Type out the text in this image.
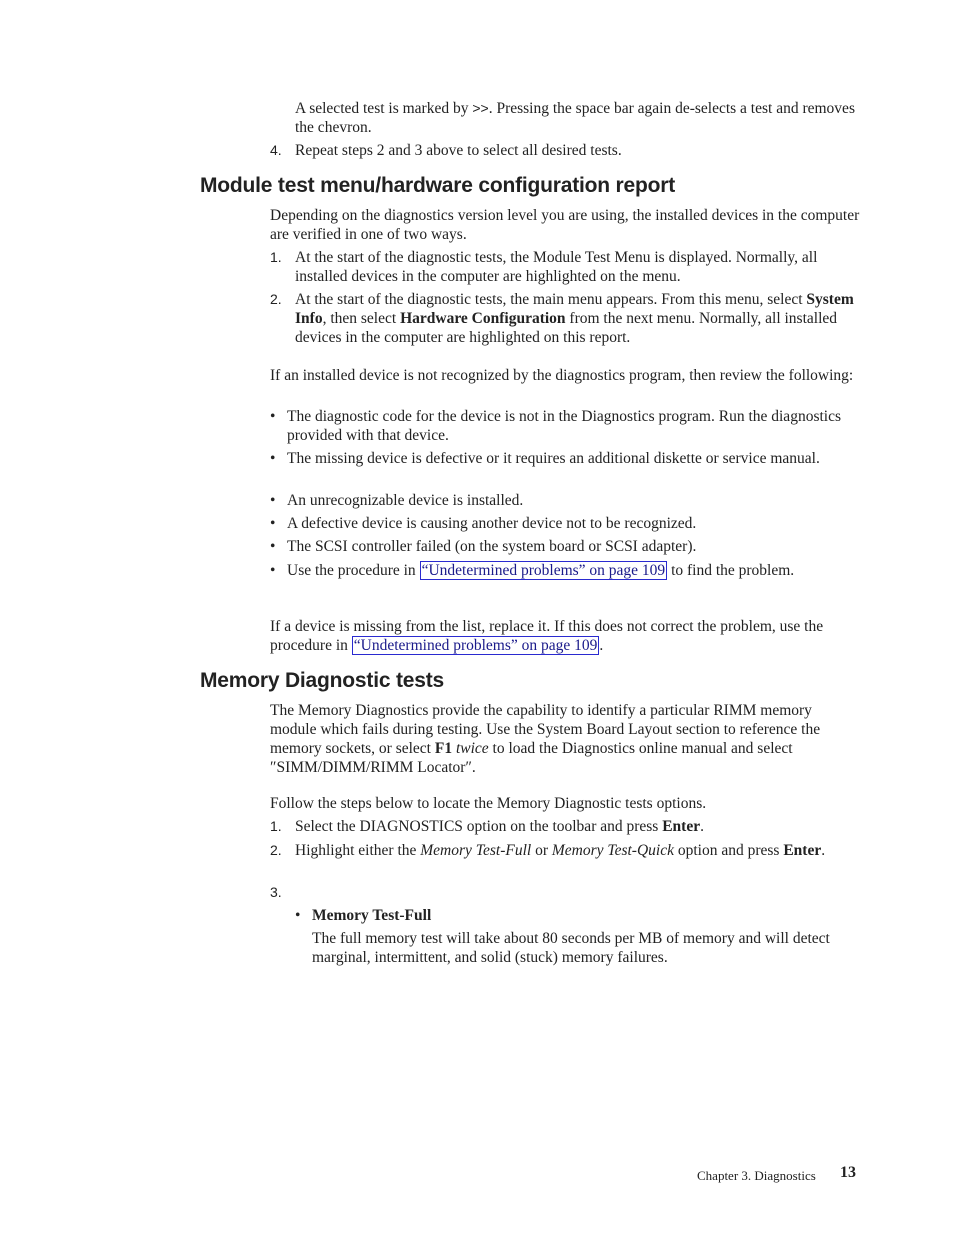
A selected test is marked by >>. Pressing the space bar again de-selects a test and removes the chevron.
4. Repeat steps 2 and 3 above to select all desired tests.
Module test menu/hardware configuration report
Depending on the diagnostics version level you are using, the installed devices in the computer are verified in one of two ways.
1. At the start of the diagnostic tests, the Module Test Menu is displayed. Normally, all installed devices in the computer are highlighted on the menu.
2. At the start of the diagnostic tests, the main menu appears. From this menu, select System Info, then select Hardware Configuration from the next menu. Normally, all installed devices in the computer are highlighted on this report.
If an installed device is not recognized by the diagnostics program, then review the following:
• The diagnostic code for the device is not in the Diagnostics program. Run the diagnostics provided with that device.
• The missing device is defective or it requires an additional diskette or service manual.
• An unrecognizable device is installed.
• A defective device is causing another device not to be recognized.
• The SCSI controller failed (on the system board or SCSI adapter).
• Use the procedure in “Undetermined problems” on page 109 to find the problem.
If a device is missing from the list, replace it. If this does not correct the problem, use the procedure in “Undetermined problems” on page 109 .
Memory Diagnostic tests
The Memory Diagnostics provide the capability to identify a particular RIMM memory module which fails during testing. Use the System Board Layout section to reference the memory sockets, or select F1 twice to load the Diagnostics online manual and select ″SIMM/DIMM/RIMM Locator″.
Follow the steps below to locate the Memory Diagnostic tests options.
1. Select the DIAGNOSTICS option on the toolbar and press Enter.
2. Highlight either the Memory Test-Full or Memory Test-Quick option and press Enter.
3.
• Memory Test-Full
The full memory test will take about 80 seconds per MB of memory and will detect marginal, intermittent, and solid (stuck) memory failures.
Chapter 3. Diagnostics 13
